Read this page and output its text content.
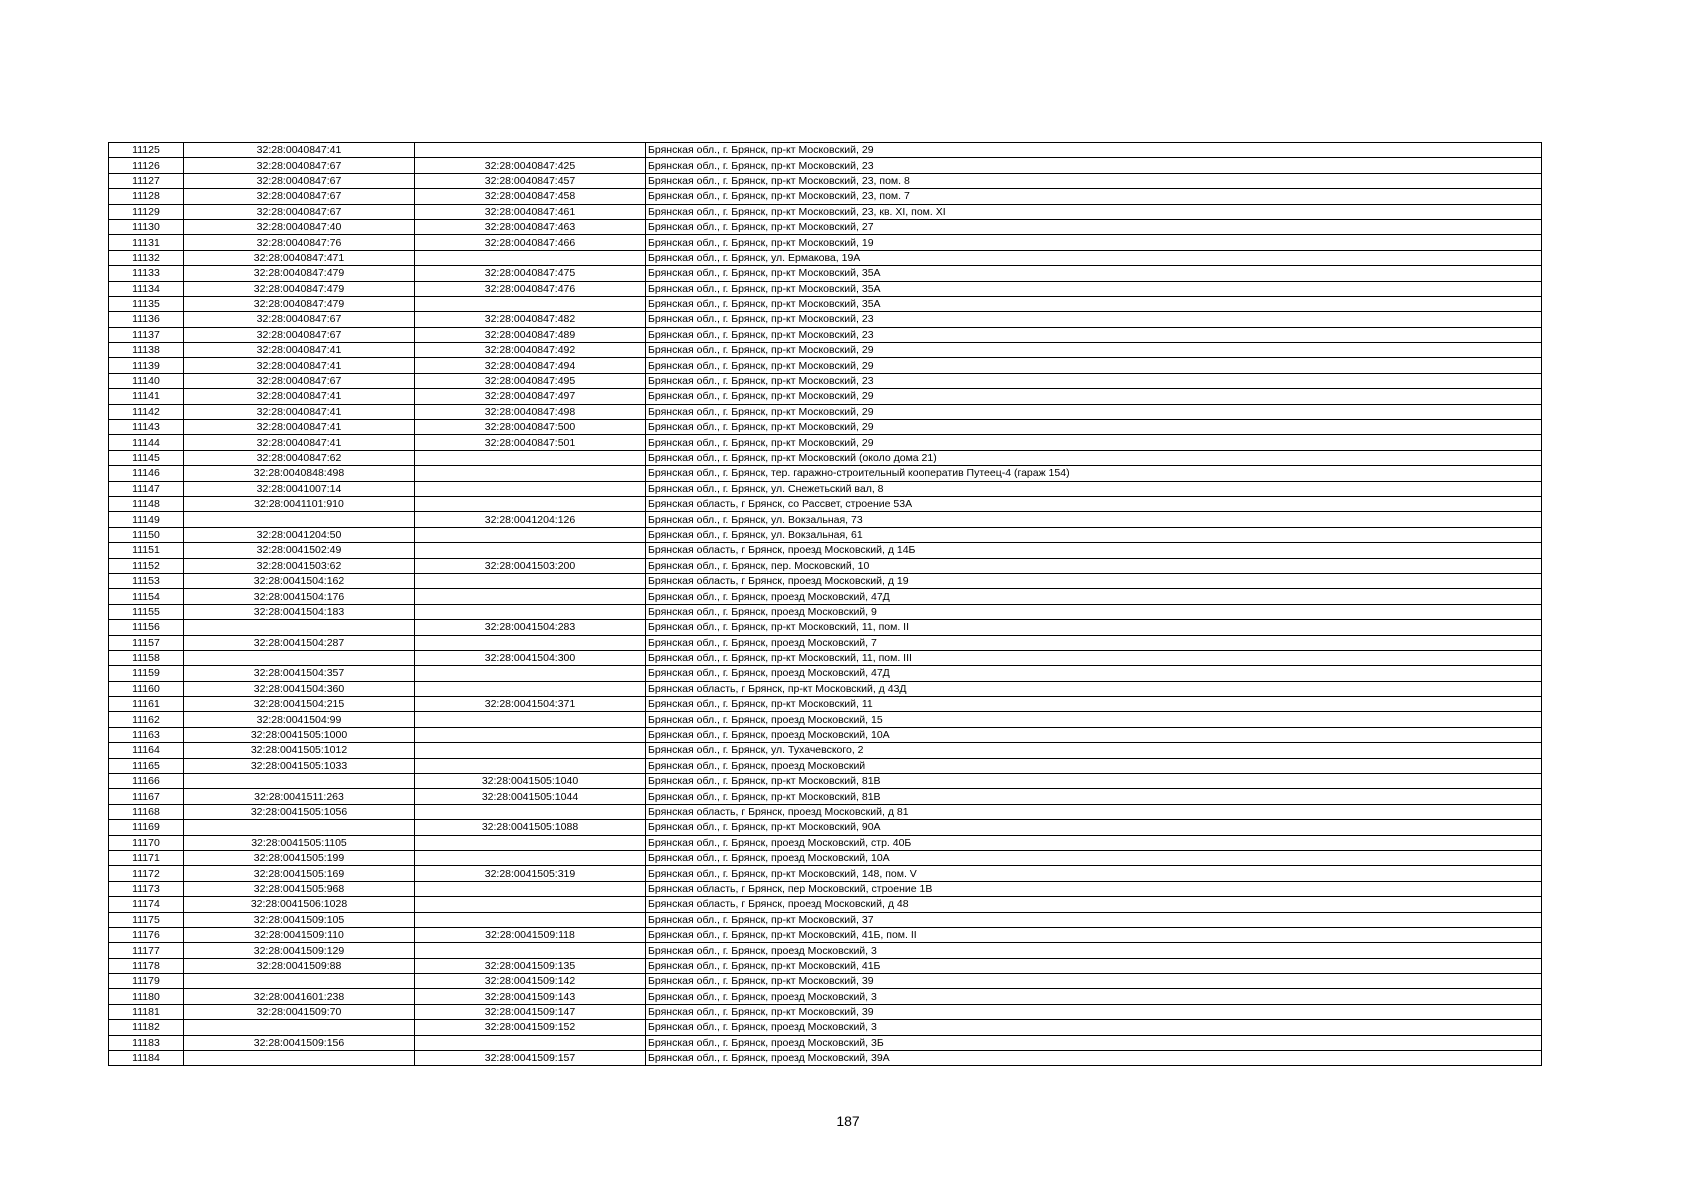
11125	32:28:0040847:41		Брянская обл., г. Брянск, пр-кт Московский, 29
11126	32:28:0040847:67	32:28:0040847:425	Брянская обл., г. Брянск, пр-кт Московский, 23
11127	32:28:0040847:67	32:28:0040847:457	Брянская обл., г. Брянск, пр-кт Московский, 23, пом. 8
11128	32:28:0040847:67	32:28:0040847:458	Брянская обл., г. Брянск, пр-кт Московский, 23, пом. 7
11129	32:28:0040847:67	32:28:0040847:461	Брянская обл., г. Брянск, пр-кт Московский, 23, кв. XI, пом. XI
11130	32:28:0040847:40	32:28:0040847:463	Брянская обл., г. Брянск, пр-кт Московский, 27
11131	32:28:0040847:76	32:28:0040847:466	Брянская обл., г. Брянск, пр-кт Московский, 19
11132	32:28:0040847:471		Брянская обл., г. Брянск, ул. Ермакова, 19А
11133	32:28:0040847:479	32:28:0040847:475	Брянская обл., г. Брянск, пр-кт Московский, 35А
11134	32:28:0040847:479	32:28:0040847:476	Брянская обл., г. Брянск, пр-кт Московский, 35А
11135	32:28:0040847:479		Брянская обл., г. Брянск, пр-кт Московский, 35А
11136	32:28:0040847:67	32:28:0040847:482	Брянская обл., г. Брянск, пр-кт Московский, 23
11137	32:28:0040847:67	32:28:0040847:489	Брянская обл., г. Брянск, пр-кт Московский, 23
11138	32:28:0040847:41	32:28:0040847:492	Брянская обл., г. Брянск, пр-кт Московский, 29
11139	32:28:0040847:41	32:28:0040847:494	Брянская обл., г. Брянск, пр-кт Московский, 29
11140	32:28:0040847:67	32:28:0040847:495	Брянская обл., г. Брянск, пр-кт Московский, 23
11141	32:28:0040847:41	32:28:0040847:497	Брянская обл., г. Брянск, пр-кт Московский, 29
11142	32:28:0040847:41	32:28:0040847:498	Брянская обл., г. Брянск, пр-кт Московский, 29
11143	32:28:0040847:41	32:28:0040847:500	Брянская обл., г. Брянск, пр-кт Московский, 29
11144	32:28:0040847:41	32:28:0040847:501	Брянская обл., г. Брянск, пр-кт Московский, 29
11145	32:28:0040847:62		Брянская обл., г. Брянск, пр-кт Московский (около дома 21)
11146	32:28:0040848:498		Брянская обл., г. Брянск, тер. гаражно-строительный кооператив Путеец-4 (гараж 154)
11147	32:28:0041007:14		Брянская обл., г. Брянск, ул. Снежетьский вал, 8
11148	32:28:0041101:910		Брянская область, г Брянск, со Рассвет, строение 53А
11149		32:28:0041204:126	Брянская обл., г. Брянск, ул. Вокзальная, 73
11150	32:28:0041204:50		Брянская обл., г. Брянск, ул. Вокзальная, 61
11151	32:28:0041502:49		Брянская область, г Брянск, проезд Московский, д 14Б
11152	32:28:0041503:62	32:28:0041503:200	Брянская обл., г. Брянск, пер. Московский, 10
11153	32:28:0041504:162		Брянская область, г Брянск, проезд Московский, д 19
11154	32:28:0041504:176		Брянская обл., г. Брянск, проезд Московский, 47Д
11155	32:28:0041504:183		Брянская обл., г. Брянск, проезд Московский, 9
11156		32:28:0041504:283	Брянская обл., г. Брянск, пр-кт Московский, 11, пом. II
11157	32:28:0041504:287		Брянская обл., г. Брянск, проезд Московский, 7
11158		32:28:0041504:300	Брянская обл., г. Брянск, пр-кт Московский, 11, пом. III
11159	32:28:0041504:357		Брянская обл., г. Брянск, проезд Московский, 47Д
11160	32:28:0041504:360		Брянская область, г Брянск, пр-кт Московский, д 43Д
11161	32:28:0041504:215	32:28:0041504:371	Брянская обл., г. Брянск, пр-кт Московский, 11
11162	32:28:0041504:99		Брянская обл., г. Брянск, проезд Московский, 15
11163	32:28:0041505:1000		Брянская обл., г. Брянск, проезд Московский, 10А
11164	32:28:0041505:1012		Брянская обл., г. Брянск, ул. Тухачевского, 2
11165	32:28:0041505:1033		Брянская обл., г. Брянск, проезд Московский
11166		32:28:0041505:1040	Брянская обл., г. Брянск, пр-кт Московский, 81В
11167	32:28:0041511:263	32:28:0041505:1044	Брянская обл., г. Брянск, пр-кт Московский, 81В
11168	32:28:0041505:1056		Брянская область, г Брянск, проезд Московский, д 81
11169		32:28:0041505:1088	Брянская обл., г. Брянск, пр-кт Московский, 90А
11170	32:28:0041505:1105		Брянская обл., г. Брянск, проезд Московский, стр. 40Б
11171	32:28:0041505:199		Брянская обл., г. Брянск, проезд Московский, 10А
11172	32:28:0041505:169	32:28:0041505:319	Брянская обл., г. Брянск, пр-кт Московский, 148, пом. V
11173	32:28:0041505:968		Брянская область, г Брянск, пер Московский, строение 1В
11174	32:28:0041506:1028		Брянская область, г Брянск, проезд Московский, д 48
11175	32:28:0041509:105		Брянская обл., г. Брянск, пр-кт Московский, 37
11176	32:28:0041509:110	32:28:0041509:118	Брянская обл., г. Брянск, пр-кт Московский, 41Б, пом. II
11177	32:28:0041509:129		Брянская обл., г. Брянск, проезд Московский, 3
11178	32:28:0041509:88	32:28:0041509:135	Брянская обл., г. Брянск, пр-кт Московский, 41Б
11179		32:28:0041509:142	Брянская обл., г. Брянск, пр-кт Московский, 39
11180	32:28:0041601:238	32:28:0041509:143	Брянская обл., г. Брянск, проезд Московский, 3
11181	32:28:0041509:70	32:28:0041509:147	Брянская обл., г. Брянск, пр-кт Московский, 39
11182		32:28:0041509:152	Брянская обл., г. Брянск, проезд Московский, 3
11183	32:28:0041509:156		Брянская обл., г. Брянск, проезд Московский, 3Б
11184		32:28:0041509:157	Брянская обл., г. Брянск, проезд Московский, 39А
187
